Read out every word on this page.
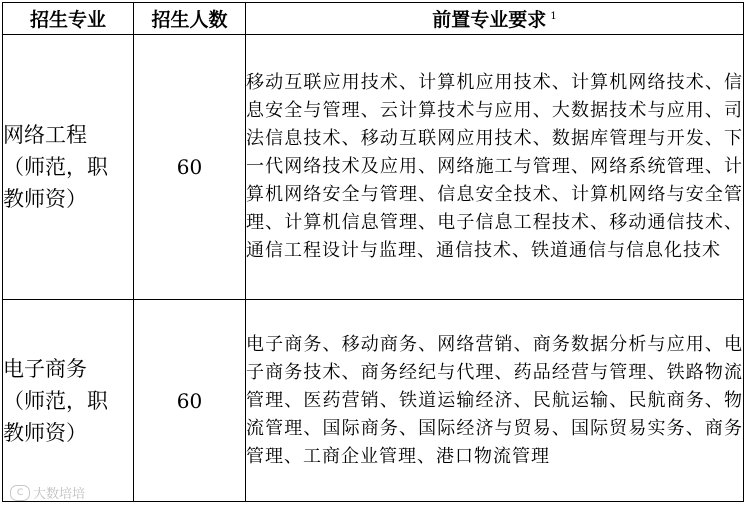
招生专业	招生人数	前置专业要求 $^1$

网络工程
（师范，职
教师资）	60	移动互联应用技术、计算机应用技术、计算机网络技术、信息安全与管理、云计算技术与应用、大数据技术与应用、司法信息技术、移动互联网应用技术、数据库管理与开发、下一代网络技术及应用、网络施工与管理、网络系统管理、计算机网络安全与管理、信息安全技术、计算机网络与安全管理、计算机信息管理、电子信息工程技术、移动通信技术、通信工程设计与监理、通信技术、铁道通信与信息化技术

电子商务
（师范，职
教师资）	60	电子商务、移动商务、网络营销、商务数据分析与应用、电子商务技术、商务经纪与代理、药品经营与管理、铁路物流管理、医药营销、铁道运输经济、民航运输、民航商务、物流管理、国际商务、国际经济与贸易、国际贸易实务、商务管理、工商企业管理、港口物流管理
C 大数培培
